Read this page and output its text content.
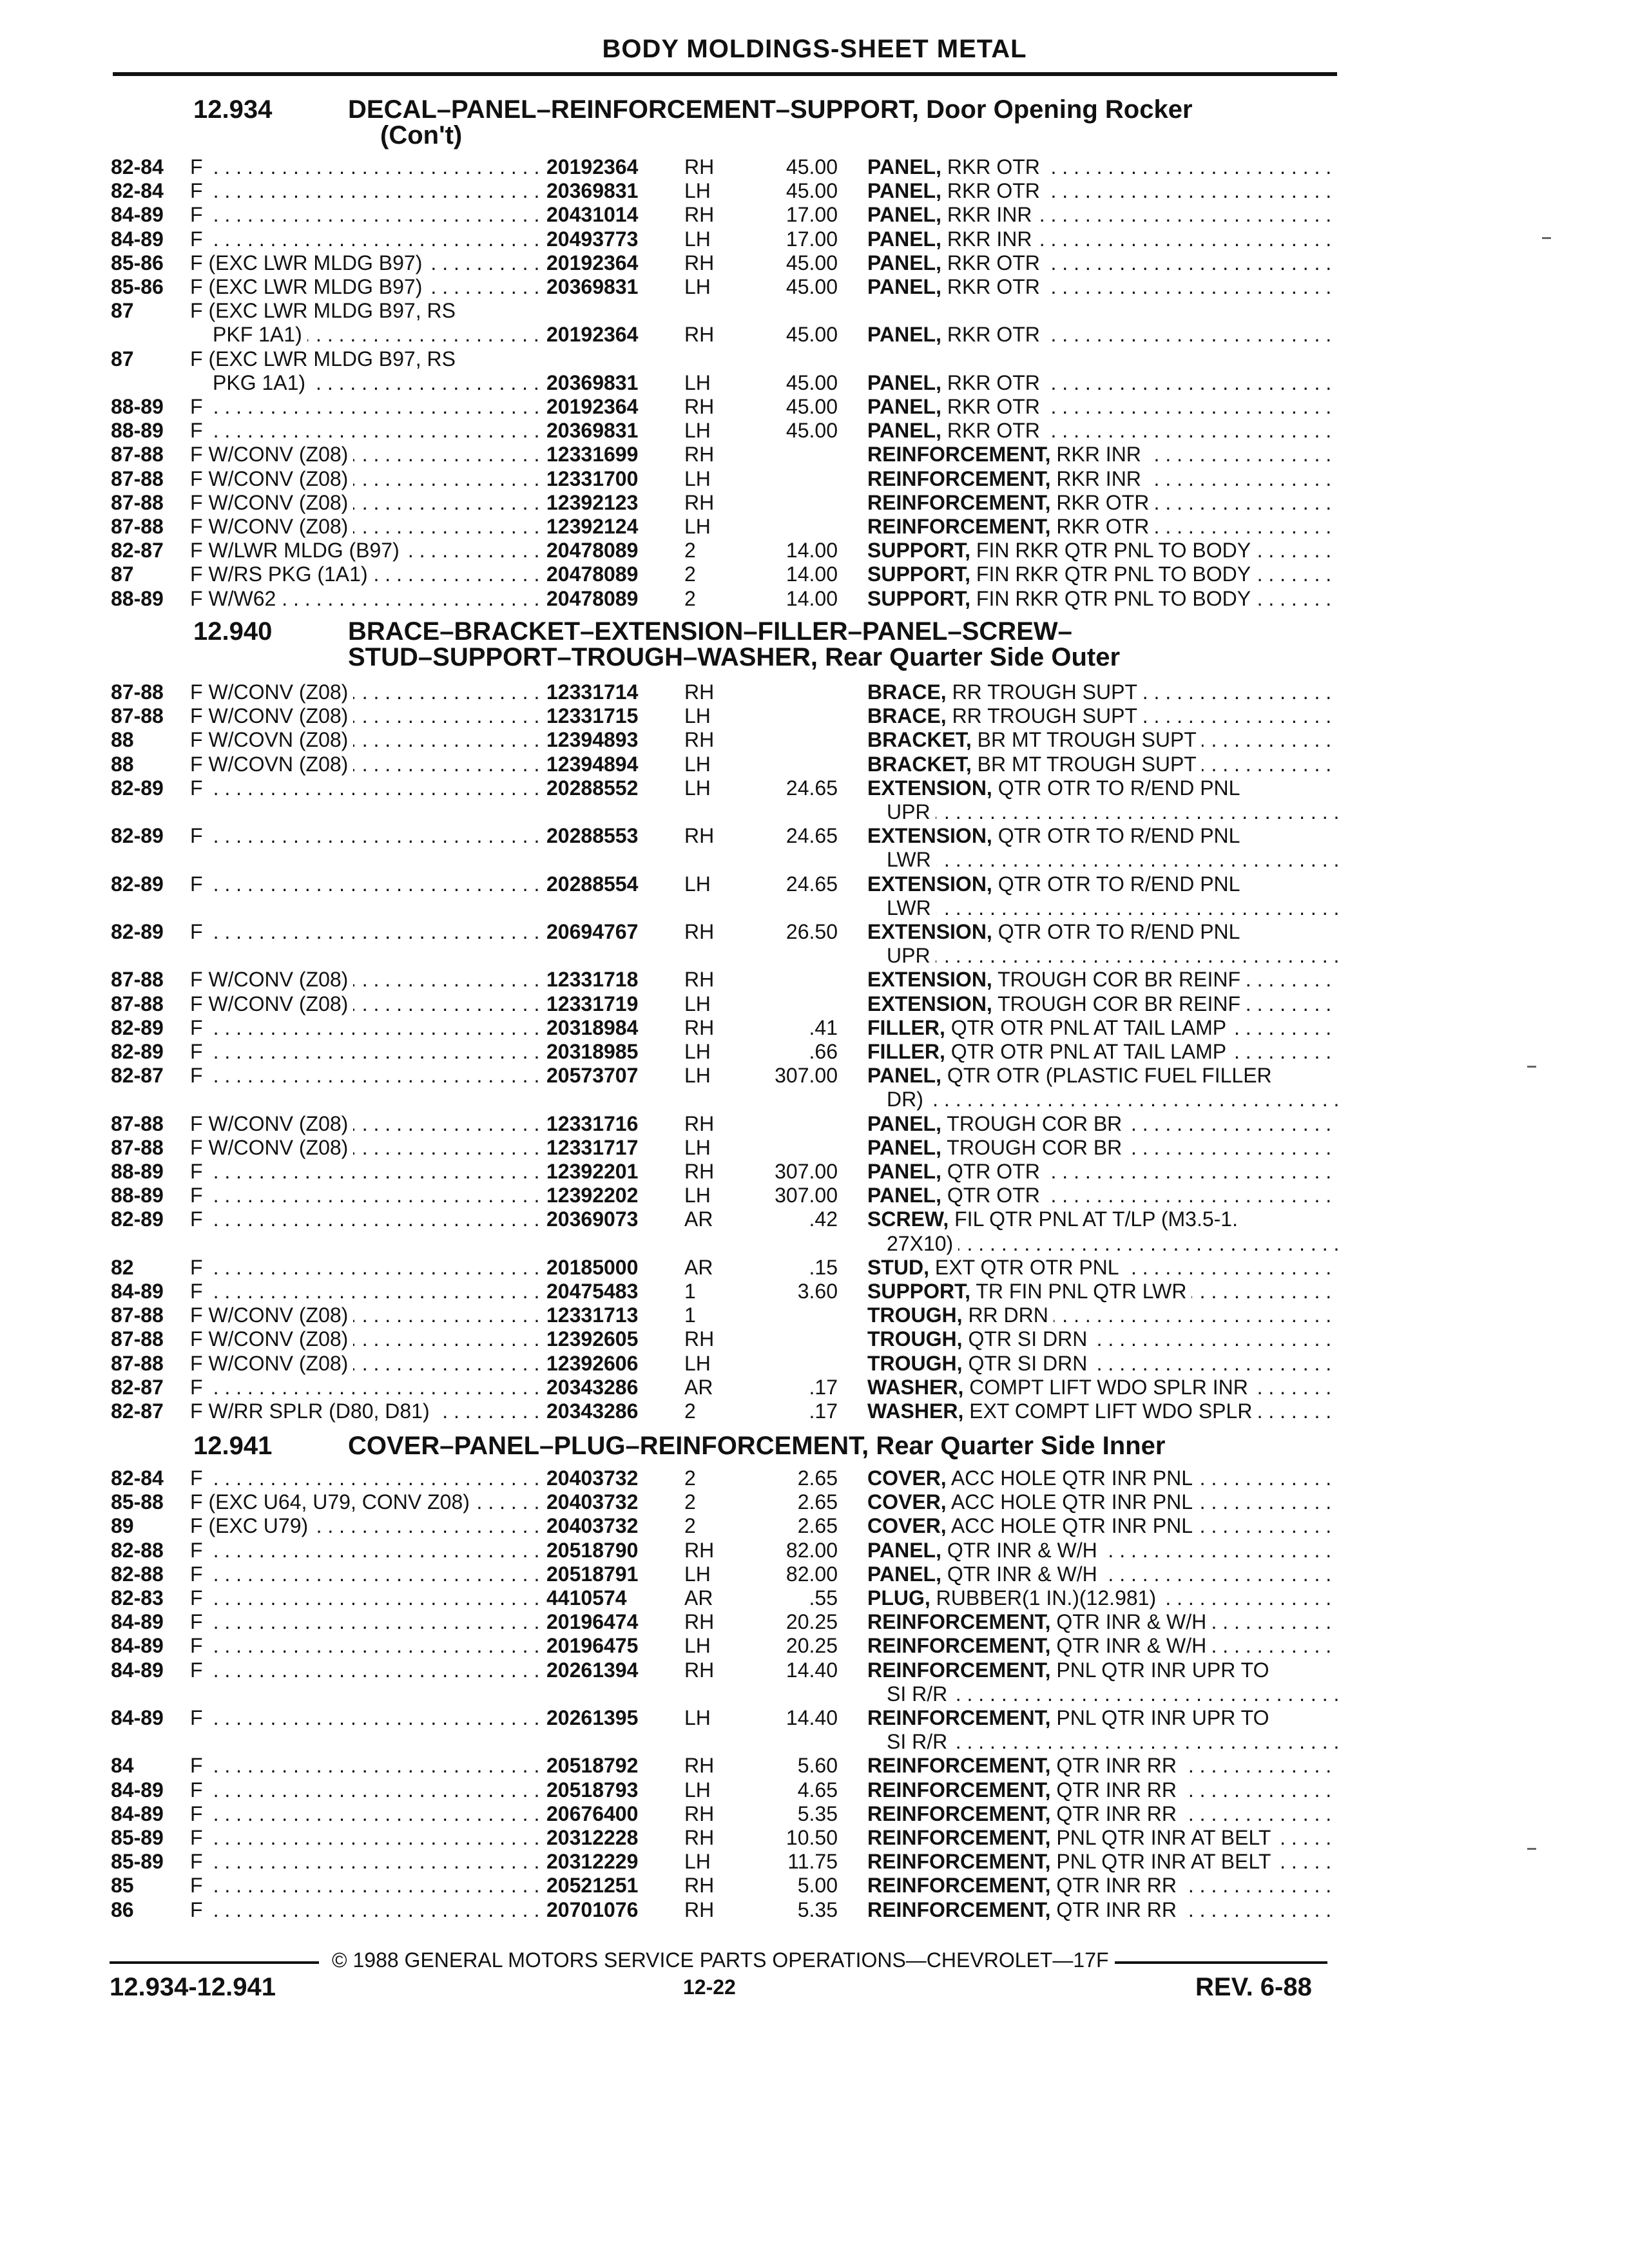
BODY MOLDINGS-SHEET METAL
12.934	DECAL–PANEL–REINFORCEMENT–SUPPORT, Door Opening Rocker
(Con't)
82-84 . . . F	20192364 RH	45.00 . . . PANEL, RKR OTR
82-84 . . . F	20369831 LH	45.00 . . . PANEL, RKR OTR
84-89 . . . F	20431014 RH	17.00 . . . PANEL, RKR INR
84-89 . . . F	20493773 LH	17.00 . . . PANEL, RKR INR
85-86 . . . F (EXC LWR MLDG B97)	20192364 RH	45.00 . . . PANEL, RKR OTR
85-86 . . . F (EXC LWR MLDG B97)	20369831 LH	45.00 . . . PANEL, RKR OTR
87	F (EXC LWR MLDG B97, RS
. . .
PKF 1A1)	20192364 RH	45.00 . . . PANEL, RKR OTR
87	F (EXC LWR MLDG B97, RS
. . .
PKG 1A1)	20369831 LH	45.00 . . . PANEL, RKR OTR
88-89 . . . F	20192364 RH	45.00 . . . PANEL, RKR OTR
88-89 . . . F	20369831 LH	45.00 . . . PANEL, RKR OTR
87-88 . . . F W/CONV (Z08)	12331699 RH . . .	REINFORCEMENT, RKR INR
87-88 . . . F W/CONV (Z08)	12331700 LH . . .	REINFORCEMENT, RKR INR
87-88 . . . F W/CONV (Z08)	12392123 RH . . .	REINFORCEMENT, RKR OTR
87-88 . . . F W/CONV (Z08)	12392124 LH . . .	REINFORCEMENT, RKR OTR
82-87 . . . F W/LWR MLDG (B97)	20478089 2	14.00 . . . SUPPORT, FIN RKR QTR PNL TO BODY
87 . . .	F W/RS PKG (1A1)	20478089 2	14.00 . . . SUPPORT, FIN RKR QTR PNL TO BODY
88-89 . . . F W/W62	20478089 2	14.00 . . . SUPPORT, FIN RKR QTR PNL TO BODY
12.940	BRACE–BRACKET–EXTENSION–FILLER–PANEL–SCREW–
STUD–SUPPORT–TROUGH–WASHER, Rear Quarter Side Outer
87-88 . . . F W/CONV (Z08)	12331714 RH . . .	BRACE, RR TROUGH SUPT
87-88 . . . F W/CONV (Z08)	12331715 LH . . .	BRACE, RR TROUGH SUPT
88 . . .	F W/COVN (Z08)	12394893 RH . . .	BRACKET, BR MT TROUGH SUPT
88 . . .	F W/COVN (Z08)	12394894 LH . . .	BRACKET, BR MT TROUGH SUPT
82-89 . . . F	20288552 LH	24.65 EXTENSION, QTR OTR TO R/END PNL
. . .
UPR
82-89 . . . F	20288553 RH	24.65 EXTENSION, QTR OTR TO R/END PNL
. . .
LWR
82-89 . . . F	20288554 LH	24.65 EXTENSION, QTR OTR TO R/END PNL
. . .
LWR
82-89 . . . F	20694767 RH	26.50 EXTENSION, QTR OTR TO R/END PNL
. . .
UPR
87-88 . . . F W/CONV (Z08)	12331718 RH . . .	EXTENSION, TROUGH COR BR REINF
87-88 . . . F W/CONV (Z08)	12331719 LH . . .	EXTENSION, TROUGH COR BR REINF
82-89 . . . F	20318984 RH	.41 . . . FILLER, QTR OTR PNL AT TAIL LAMP
82-89 . . . F	20318985 LH	.66 . . . FILLER, QTR OTR PNL AT TAIL LAMP
82-87 . . . F	20573707 LH	307.00 PANEL, QTR OTR (PLASTIC FUEL FILLER
. . .
DR)
87-88 . . . F W/CONV (Z08)	12331716 RH . . .	PANEL, TROUGH COR BR
87-88 . . . F W/CONV (Z08)	12331717 LH . . .	PANEL, TROUGH COR BR
88-89 . . . F	12392201 RH	307.00 . . . PANEL, QTR OTR
88-89 . . . F	12392202 LH	307.00 . . . PANEL, QTR OTR
82-89 . . . F	20369073 AR	.42 SCREW, FIL QTR PNL AT T/LP (M3.5-1.
. . .
27X10)
82 . . .	F	20185000 AR	.15 . . . STUD, EXT QTR OTR PNL
84-89 . . . F	20475483 1	3.60 . . . SUPPORT, TR FIN PNL QTR LWR
87-88 . . . F W/CONV (Z08)	12331713 1 . . .	TROUGH, RR DRN
87-88 . . . F W/CONV (Z08)	12392605 RH . . .	TROUGH, QTR SI DRN
87-88 . . . F W/CONV (Z08)	12392606 LH . . .	TROUGH, QTR SI DRN
82-87 . . . F	20343286 AR	.17 . . . WASHER, COMPT LIFT WDO SPLR INR
82-87 . . . F W/RR SPLR (D80, D81)	20343286 2	.17 . . . WASHER, EXT COMPT LIFT WDO SPLR
12.941	COVER–PANEL–PLUG–REINFORCEMENT, Rear Quarter Side Inner
82-84 . . . F	20403732 2	2.65 . . . COVER, ACC HOLE QTR INR PNL
85-88 . . . F (EXC U64, U79, CONV Z08)	20403732 2	2.65 . . . COVER, ACC HOLE QTR INR PNL
89 . . .	F (EXC U79)	20403732 2	2.65 . . . COVER, ACC HOLE QTR INR PNL
82-88 . . . F	20518790 RH	82.00 . . . PANEL, QTR INR & W/H
82-88 . . . F	20518791 LH	82.00 . . . PANEL, QTR INR & W/H
82-83 . . . F	4410574	AR	.55 . . . PLUG, RUBBER(1 IN.)(12.981)
84-89 . . . F	20196474 RH	20.25 . . . REINFORCEMENT, QTR INR & W/H
84-89 . . . F	20196475 LH	20.25 . . . REINFORCEMENT, QTR INR & W/H
84-89 . . . F	20261394 RH	14.40 REINFORCEMENT, PNL QTR INR UPR TO
. . .
SI R/R
84-89 . . . F	20261395 LH	14.40 REINFORCEMENT, PNL QTR INR UPR TO
. . .
SI R/R
84 . . .	F	20518792 RH	5.60 . . . REINFORCEMENT, QTR INR RR
84-89 . . . F	20518793 LH	4.65 . . . REINFORCEMENT, QTR INR RR
84-89 . . . F	20676400 RH	5.35 . . . REINFORCEMENT, QTR INR RR
85-89 . . . F	20312228 RH	10.50 . . . REINFORCEMENT, PNL QTR INR AT BELT
85-89 . . . F	20312229 LH	11.75 . . . REINFORCEMENT, PNL QTR INR AT BELT
85 . . .	F	20521251 RH	5.00 . . . REINFORCEMENT, QTR INR RR
86 . . .	F	20701076 RH	5.35 . . . REINFORCEMENT, QTR INR RR
© 1988 GENERAL MOTORS SERVICE PARTS OPERATIONS—CHEVROLET—17F
12.934-12.941	12-22	REV. 6-88
